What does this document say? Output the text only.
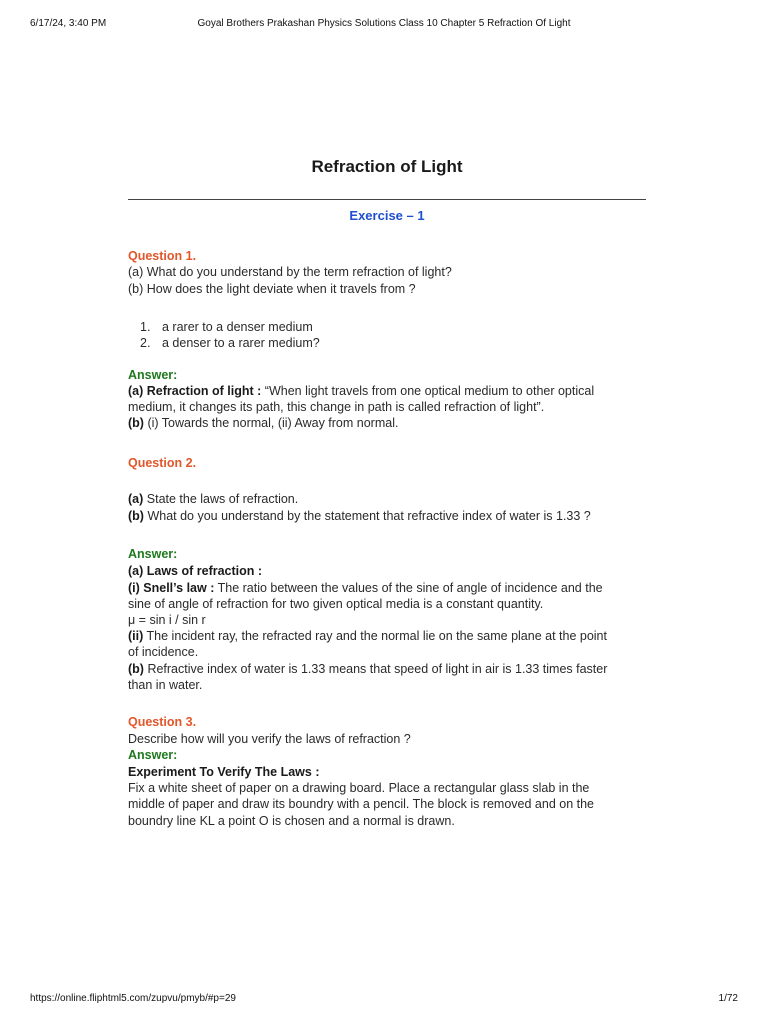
6/17/24, 3:40 PM	Goyal Brothers Prakashan Physics Solutions Class 10 Chapter 5 Refraction Of Light
https://online.fliphtml5.com/zupvu/pmyb/#p=29	1/72
Refraction of Light
Exercise – 1
Question 1.
(a) What do you understand by the term refraction of light?
(b) How does the light deviate when it travels from ?
1. a rarer to a denser medium
2. a denser to a rarer medium?
Answer:
(a) Refraction of light : “When light travels from one optical medium to other optical
medium, it changes its path, this change in path is called refraction of light”.
(b) (i) Towards the normal, (ii) Away from normal.
Question 2.
(a) State the laws of refraction.
(b) What do you understand by the statement that refractive index of water is 1.33 ?
Answer:
(a) Laws of refraction :
(i) Snell’s law : The ratio between the values of the sine of angle of incidence and the
sine of angle of refraction for two given optical media is a constant quantity.
μ = sin i / sin r
(ii) The incident ray, the refracted ray and the normal lie on the same plane at the point
of incidence.
(b) Refractive index of water is 1.33 means that speed of light in air is 1.33 times faster
than in water.
Question 3.
Describe how will you verify the laws of refraction ?
Answer:
Experiment To Verify The Laws :
Fix a white sheet of paper on a drawing board. Place a rectangular glass slab in the
middle of paper and draw its boundry with a pencil. The block is removed and on the
boundry line KL a point O is chosen and a normal is drawn.
